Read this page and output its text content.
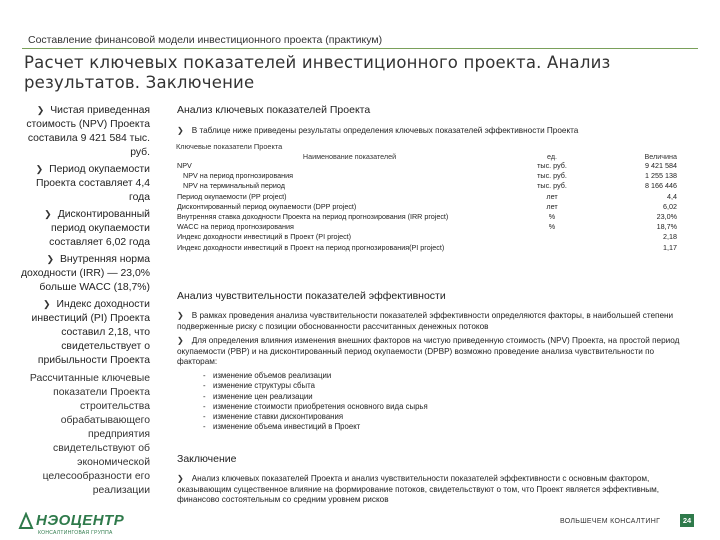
Составление финансовой модели инвестиционного проекта (практикум)
Расчет ключевых показателей инвестиционного проекта. Анализ результатов. Заключение
❯ Чистая приведенная стоимость (NPV) Проекта составила 9 421 584 тыс. руб.
❯ Период окупаемости Проекта составляет 4,4 года
❯ Дисконтированный период окупаемости составляет 6,02 года
❯ Внутренняя норма доходности (IRR) — 23,0% больше WACC (18,7%)
❯ Индекс доходности инвестиций (PI) Проекта составил 2,18, что свидетельствует о прибыльности Проекта
Рассчитанные ключевые показатели Проекта строительства обрабатывающего предприятия свидетельствуют об экономической целесообразности его реализации
НЭОЦЕНТР
КОНСАЛТИНГОВАЯ ГРУППА
Анализ ключевых показателей Проекта
❯ В таблице ниже приведены результаты определения ключевых показателей эффективности Проекта
Ключевые показатели Проекта
Наименование показателей	ед.	Величина
NPV	тыс. руб.	9 421 584
NPV на период прогнозирования	тыс. руб.	1 255 138
NPV на терминальный период	тыс. руб.	8 166 446
Период окупаемости (PP project)	лет	4,4
Дисконтированный период окупаемости (DPP project)	лет	6,02
Внутренняя ставка доходности Проекта на период прогнозирования (IRR project)	%	23,0%
WACC на период прогнозирования	%	18,7%
Индекс доходности инвестиций в Проект (PI project)		2,18
Индекс доходности инвестиций в Проект на период прогнозирования(PI project)		1,17
Анализ чувствительности показателей эффективности
❯ В рамках проведения анализа чувствительности показателей эффективности определяются факторы, в наибольшей степени подверженные риску с позиции обоснованности рассчитанных денежных потоков
❯ Для определения влияния изменения внешних факторов на чистую приведенную стоимость (NPV) Проекта, на простой период окупаемости (PBP) и на дисконтированный период окупаемости (DPBP) возможно проведение анализа чувствительности по факторам:
- изменение объемов реализации
- изменение структуры сбыта
- изменение цен реализации
- изменение стоимости приобретения основного вида сырья
- изменение ставки дисконтирования
- изменение объема инвестиций в Проект
Заключение
❯ Анализ ключевых показателей Проекта и анализ чувствительности показателей эффективности с основным фактором, оказывающим существенное влияние на формирование потоков, свидетельствуют о том, что Проект является эффективным, финансово состоятельным со средним уровнем рисков
ВОЛЬШЕЧЕМ КОНСАЛТИНГ	24
